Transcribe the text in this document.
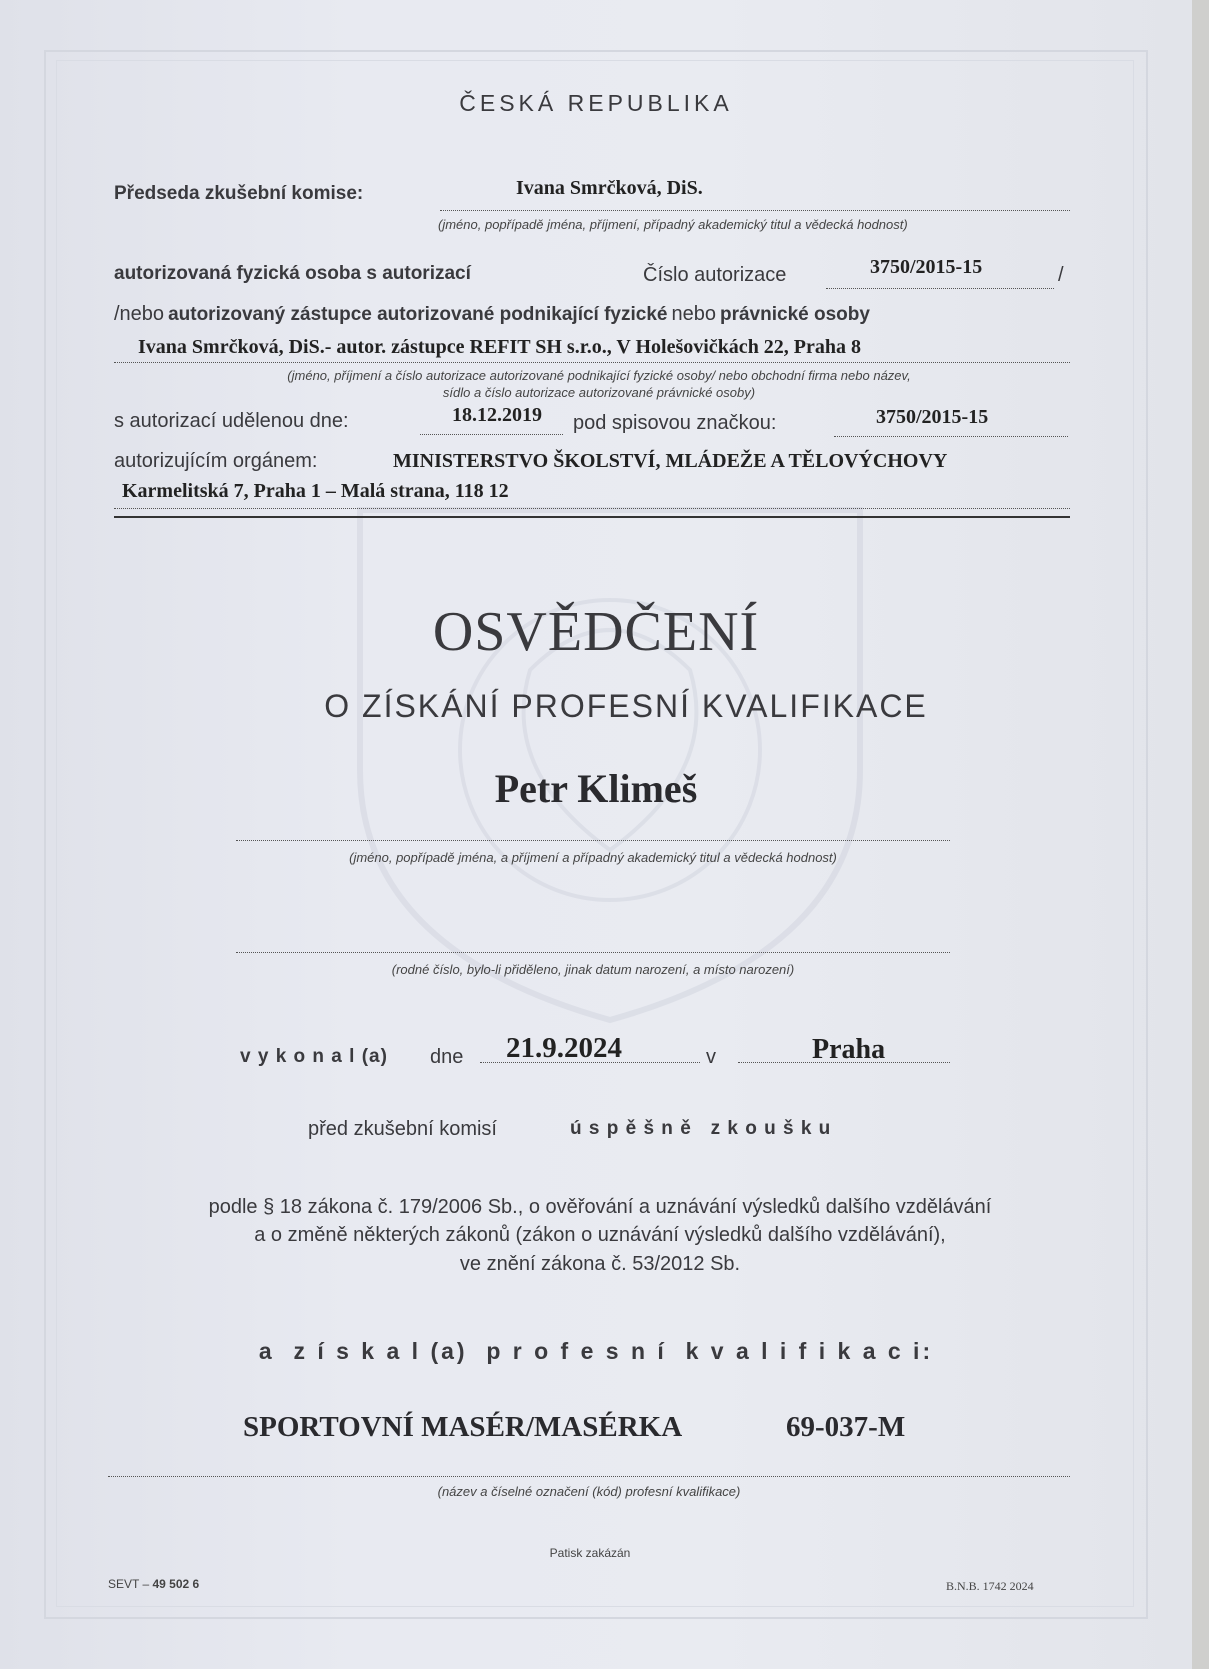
ČESKÁ REPUBLIKA
Předseda zkušební komise:	Ivana Smrčková, DiS.
(jméno, popřípadě jména, příjmení, případný akademický titul a vědecká hodnost)
autorizovaná fyzická osoba s autorizací	Číslo autorizace	3750/2015-15	/
/nebo autorizovaný zástupce autorizované podnikající fyzické nebo právnické osoby
Ivana Smrčková, DiS.- autor. zástupce REFIT SH s.r.o., V Holešovičkách 22, Praha 8
(jméno, příjmení a číslo autorizace autorizované podnikající fyzické osoby/ nebo obchodní firma nebo název,
sídlo a číslo autorizace autorizované právnické osoby)
s autorizací udělenou dne:	18.12.2019 pod spisovou značkou:	3750/2015-15
autorizujícím orgánem:	MINISTERSTVO ŠKOLSTVÍ, MLÁDEŽE A TĚLOVÝCHOVY
Karmelitská 7, Praha 1 – Malá strana, 118 12
OSVĚDČENÍ
O ZÍSKÁNÍ PROFESNÍ KVALIFIKACE
Petr Klimeš
(jméno, popřípadě jména, a příjmení a případný akademický titul a vědecká hodnost)
(rodné číslo, bylo-li přiděleno, jinak datum narození, a místo narození)
v y k o n a l (a) dne 21.9.2024	v	Praha
před zkušební komisí	ú s p ě š n ě   z k o u š k u
podle § 18 zákona č. 179/2006 Sb., o ověřování a uznávání výsledků dalšího vzdělávání
a o změně některých zákonů (zákon o uznávání výsledků dalšího vzdělávání),
ve znění zákona č. 53/2012 Sb.
a  z í s k a l (a)  p r o f e s n í  k v a l i f i k a c i:
SPORTOVNÍ MASÉR/MASÉRKA	69-037-M
(název a číselné označení (kód) profesní kvalifikace)
Patisk zakázán
SEVT – 49 502 6	B.N.B. 1742 2024
